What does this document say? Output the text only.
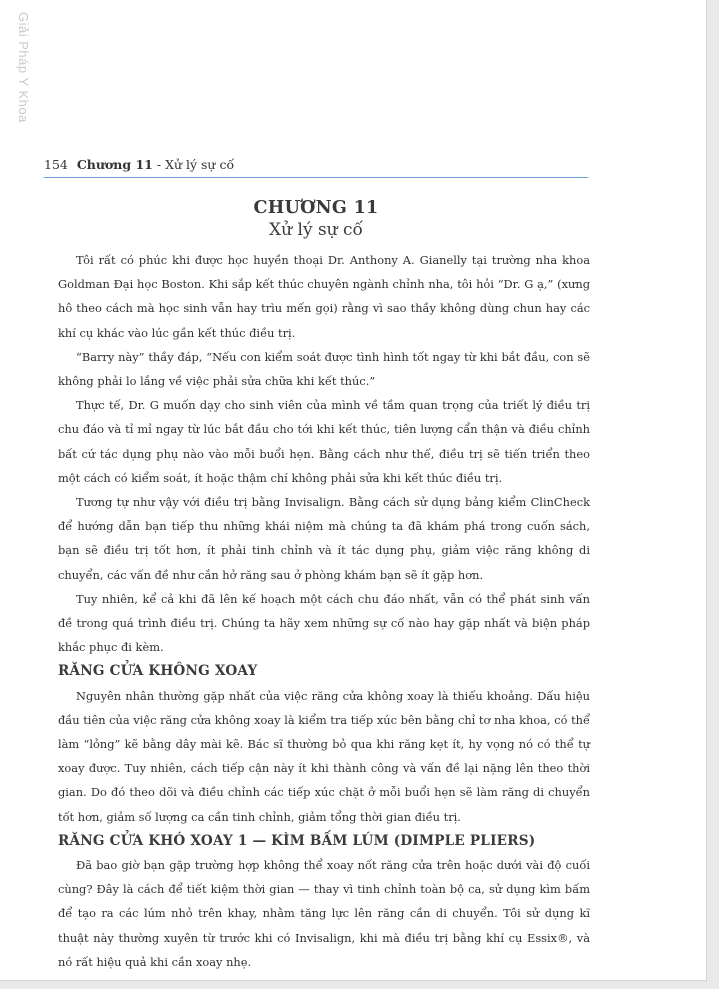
Giải Pháp Y Khoa
154 Chương 11 - Xử lý sự cố
CHƯƠNG 11
Xử lý sự cố

Tôi rất có phúc khi được học huyền thoại Dr. Anthony A. Gianelly tại trường nha khoa Goldman Đại học Boston. Khi sắp kết thúc chuyên ngành chỉnh nha, tôi hỏi “Dr. G ạ,” (xưng hô theo cách mà học sinh vẫn hay trìu mến gọi) rằng vì sao thầy không dùng chun hay các khí cụ khác vào lúc gần kết thúc điều trị.

“Barry này” thầy đáp, “Nếu con kiểm soát được tình hình tốt ngay từ khi bắt đầu, con sẽ không phải lo lắng về việc phải sửa chữa khi kết thúc.”

Thực tế, Dr. G muốn dạy cho sinh viên của mình về tầm quan trọng của triết lý điều trị chu đáo và tỉ mỉ ngay từ lúc bắt đầu cho tới khi kết thúc, tiên lượng cẩn thận và điều chỉnh bất cứ tác dụng phụ nào vào mỗi buổi hẹn. Bằng cách như thế, điều trị sẽ tiến triển theo một cách có kiểm soát, ít hoặc thậm chí không phải sửa khi kết thúc điều trị.

Tương tự như vậy với điều trị bằng Invisalign. Bằng cách sử dụng bảng kiểm ClinCheck để hướng dẫn bạn tiếp thu những khái niệm mà chúng ta đã khám phá trong cuốn sách, bạn sẽ điều trị tốt hơn, ít phải tinh chỉnh và ít tác dụng phụ, giảm việc răng không di chuyển, các vấn đề như cắn hở răng sau ở phòng khám bạn sẽ ít gặp hơn.

Tuy nhiên, kể cả khi đã lên kế hoạch một cách chu đáo nhất, vẫn có thể phát sinh vấn đề trong quá trình điều trị. Chúng ta hãy xem những sự cố nào hay gặp nhất và biện pháp khắc phục đi kèm.

RĂNG CỬA KHÔNG XOAY

Nguyên nhân thường gặp nhất của việc răng cửa không xoay là thiếu khoảng. Dấu hiệu đầu tiên của việc răng cửa không xoay là kiểm tra tiếp xúc bên bằng chỉ tơ nha khoa, có thể làm “lỏng” kẽ bằng dây mài kẽ. Bác sĩ thường bỏ qua khi răng kẹt ít, hy vọng nó có thể tự xoay được. Tuy nhiên, cách tiếp cận này ít khi thành công và vấn đề lại nặng lên theo thời gian. Do đó theo dõi và điều chỉnh các tiếp xúc chặt ở mỗi buổi hẹn sẽ làm răng di chuyển tốt hơn, giảm số lượng ca cần tinh chỉnh, giảm tổng thời gian điều trị.

RĂNG CỬA KHÓ XOAY 1 — KÌM BẤM LÚM (DIMPLE PLIERS)

Đã bao giờ bạn gặp trường hợp không thể xoay nốt răng cửa trên hoặc dưới vài độ cuối cùng? Đây là cách để tiết kiệm thời gian — thay vì tinh chỉnh toàn bộ ca, sử dụng kìm bấm để tạo ra các lúm nhỏ trên khay, nhằm tăng lực lên răng cần di chuyển. Tôi sử dụng kĩ thuật này thường xuyên từ trước khi có Invisalign, khi mà điều trị bằng khí cụ Essix®, và nó rất hiệu quả khi cần xoay nhẹ.
